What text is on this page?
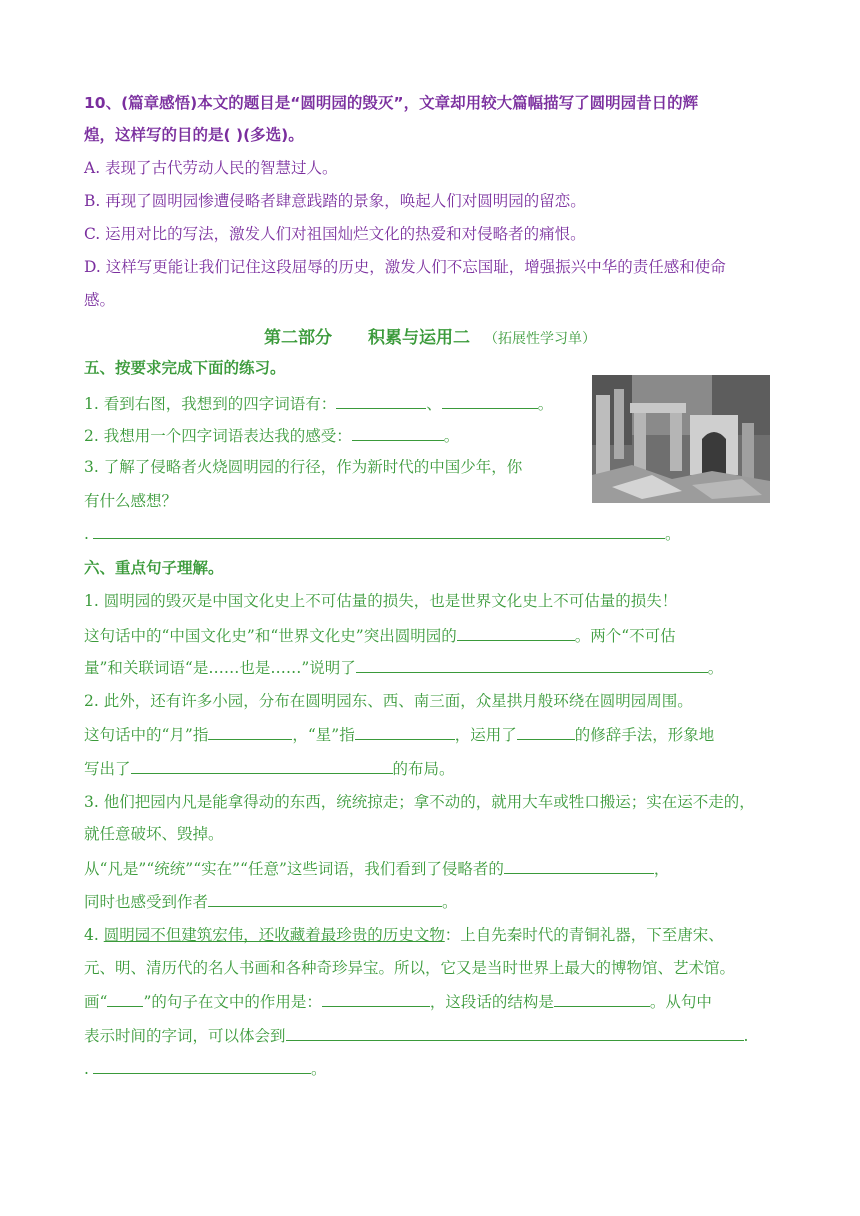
10、(篇章感悟)本文的题目是“圆明园的毁灭”，文章却用较大篇幅描写了圆明园昔日的辉
煌，这样写的目的是( )(多选)。
A. 表现了古代劳动人民的智慧过人。
B. 再现了圆明园惨遭侵略者肆意践踏的景象，唤起人们对圆明园的留恋。
C. 运用对比的写法，激发人们对祖国灿烂文化的热爱和对侵略者的痛恨。
D. 这样写更能让我们记住这段屈辱的历史，激发人们不忘国耻，增强振兴中华的责任感和使命
感。
第二部分 积累与运用二 （拓展性学习单）
五、按要求完成下面的练习。
1. 看到右图，我想到的四字词语有：	、	。
2. 我想用一个四字词语表达我的感受：	。
3. 了解了侵略者火烧圆明园的行径，作为新时代的中国少年，你
有什么感想？
.	。
六、重点句子理解。
1. 圆明园的毁灭是中国文化史上不可估量的损失，也是世界文化史上不可估量的损失！
这句话中的“中国文化史”和“世界文化史”突出圆明园的	。两个“不可估
量”和关联词语“是……也是……”说明了	。
2. 此外，还有许多小园，分布在圆明园东、西、南三面，众星拱月般环绕在圆明园周围。
这句话中的“月”指	，“星”指	，运用了	的修辞手法，形象地
写出了	的布局。
3. 他们把园内凡是能拿得动的东西，统统掠走；拿不动的，就用大车或牲口搬运；实在运不走的，
就任意破坏、毁掉。
从“凡是”“统统”“实在”“任意”这些词语，我们看到了侵略者的	，
同时也感受到作者	。
4. 圆明园不但建筑宏伟，还收藏着最珍贵的历史文物：上自先秦时代的青铜礼器，下至唐宋、
元、明、清历代的名人书画和各种奇珍异宝。所以，它又是当时世界上最大的博物馆、艺术馆。
画“ ”的句子在文中的作用是：	，这段话的结构是	。从句中
表示时间的字词，可以体会到	.
.	。
